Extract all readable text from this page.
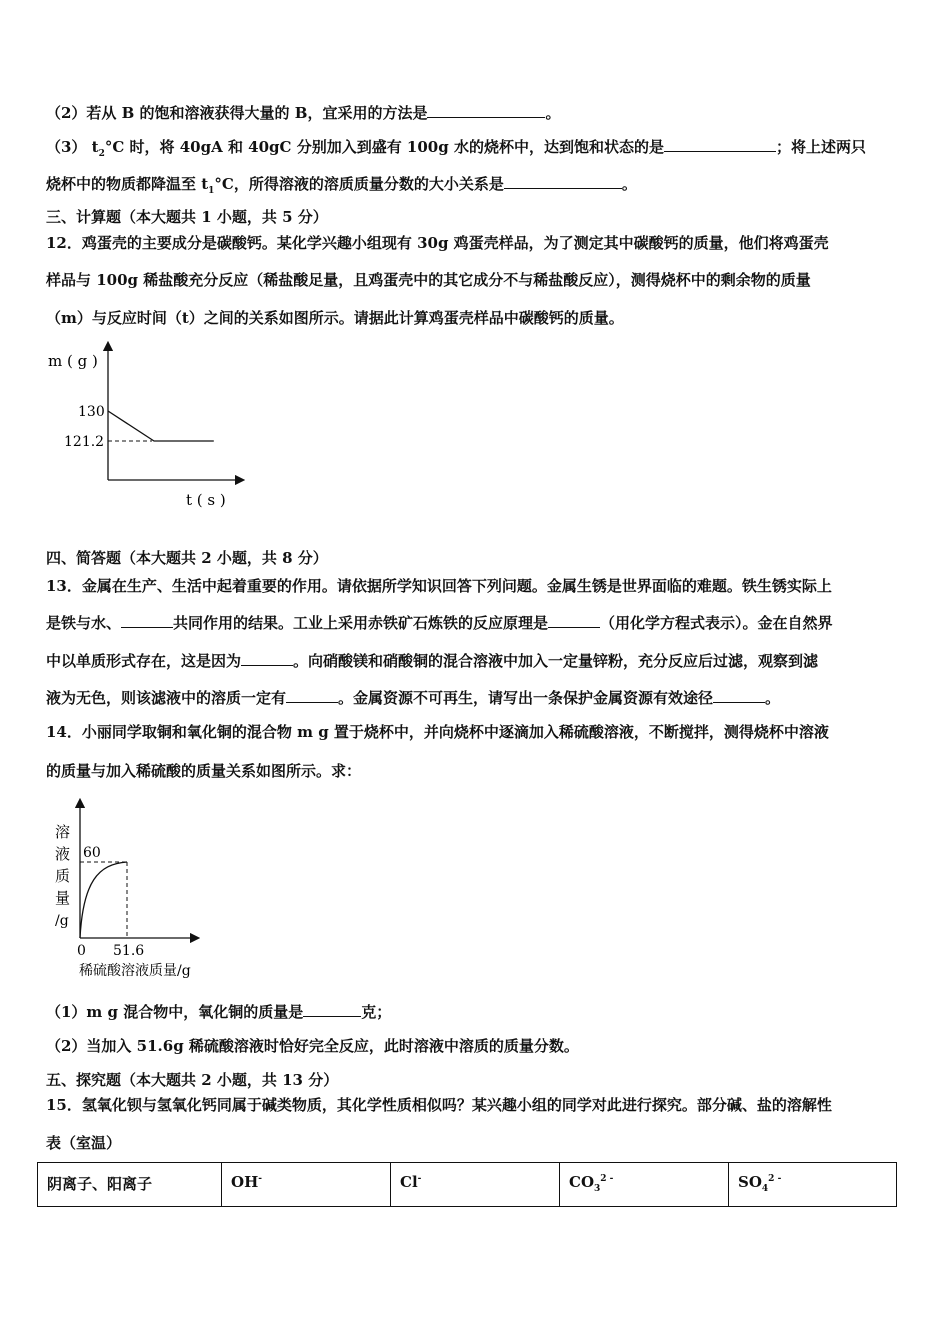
（2）若从 B 的饱和溶液获得大量的 B，宜采用的方法是	。
（3） $t_2^\circ C$ 时，将 40gA 和 40gC 分别加入到盛有 100g 水的烧杯中，达到饱和状态的是	；将上述两只
烧杯中的物质都降温至 $t_1^\circ C$，所得溶液的溶质质量分数的大小关系是	。
三、计算题（本大题共 1 小题，共 5 分）
12．鸡蛋壳的主要成分是碳酸钙。某化学兴趣小组现有 30g 鸡蛋壳样品，为了测定其中碳酸钙的质量，他们将鸡蛋壳
样品与 100g 稀盐酸充分反应（稀盐酸足量，且鸡蛋壳中的其它成分不与稀盐酸反应），测得烧杯中的剩余物的质量
（m）与反应时间（t）之间的关系如图所示。请据此计算鸡蛋壳样品中碳酸钙的质量。
m ( g )
t ( s )
130
121.2
四、简答题（本大题共 2 小题，共 8 分）
13．金属在生产、生活中起着重要的作用。请依据所学知识回答下列问题。金属生锈是世界面临的难题。铁生锈实际上
是铁与水、	共同作用的结果。工业上采用赤铁矿石炼铁的反应原理是	（用化学方程式表示）。金在自然界
中以单质形式存在，这是因为	。向硝酸镁和硝酸铜的混合溶液中加入一定量锌粉，充分反应后过滤，观察到滤
液为无色，则该滤液中的溶质一定有	。金属资源不可再生，请写出一条保护金属资源有效途径	。
14．小丽同学取铜和氧化铜的混合物 m g 置于烧杯中，并向烧杯中逐滴加入稀硫酸溶液，不断搅拌，测得烧杯中溶液
的质量与加入稀硫酸的质量关系如图所示。求：
溶
液
质
量
/g
60
0 51.6
稀硫酸溶液质量/g
（1）m g 混合物中，氧化铜的质量是	克；
（2）当加入 51.6g 稀硫酸溶液时恰好完全反应，此时溶液中溶质的质量分数。
五、探究题（本大题共 2 小题，共 13 分）
15．氢氧化钡与氢氧化钙同属于碱类物质，其化学性质相似吗？某兴趣小组的同学对此进行探究。部分碱、盐的溶解性
表（室温）
阴离子、阳离子	OH-	Cl-	$CO_3^{2 -}$	$SO_4^{2 -}$
